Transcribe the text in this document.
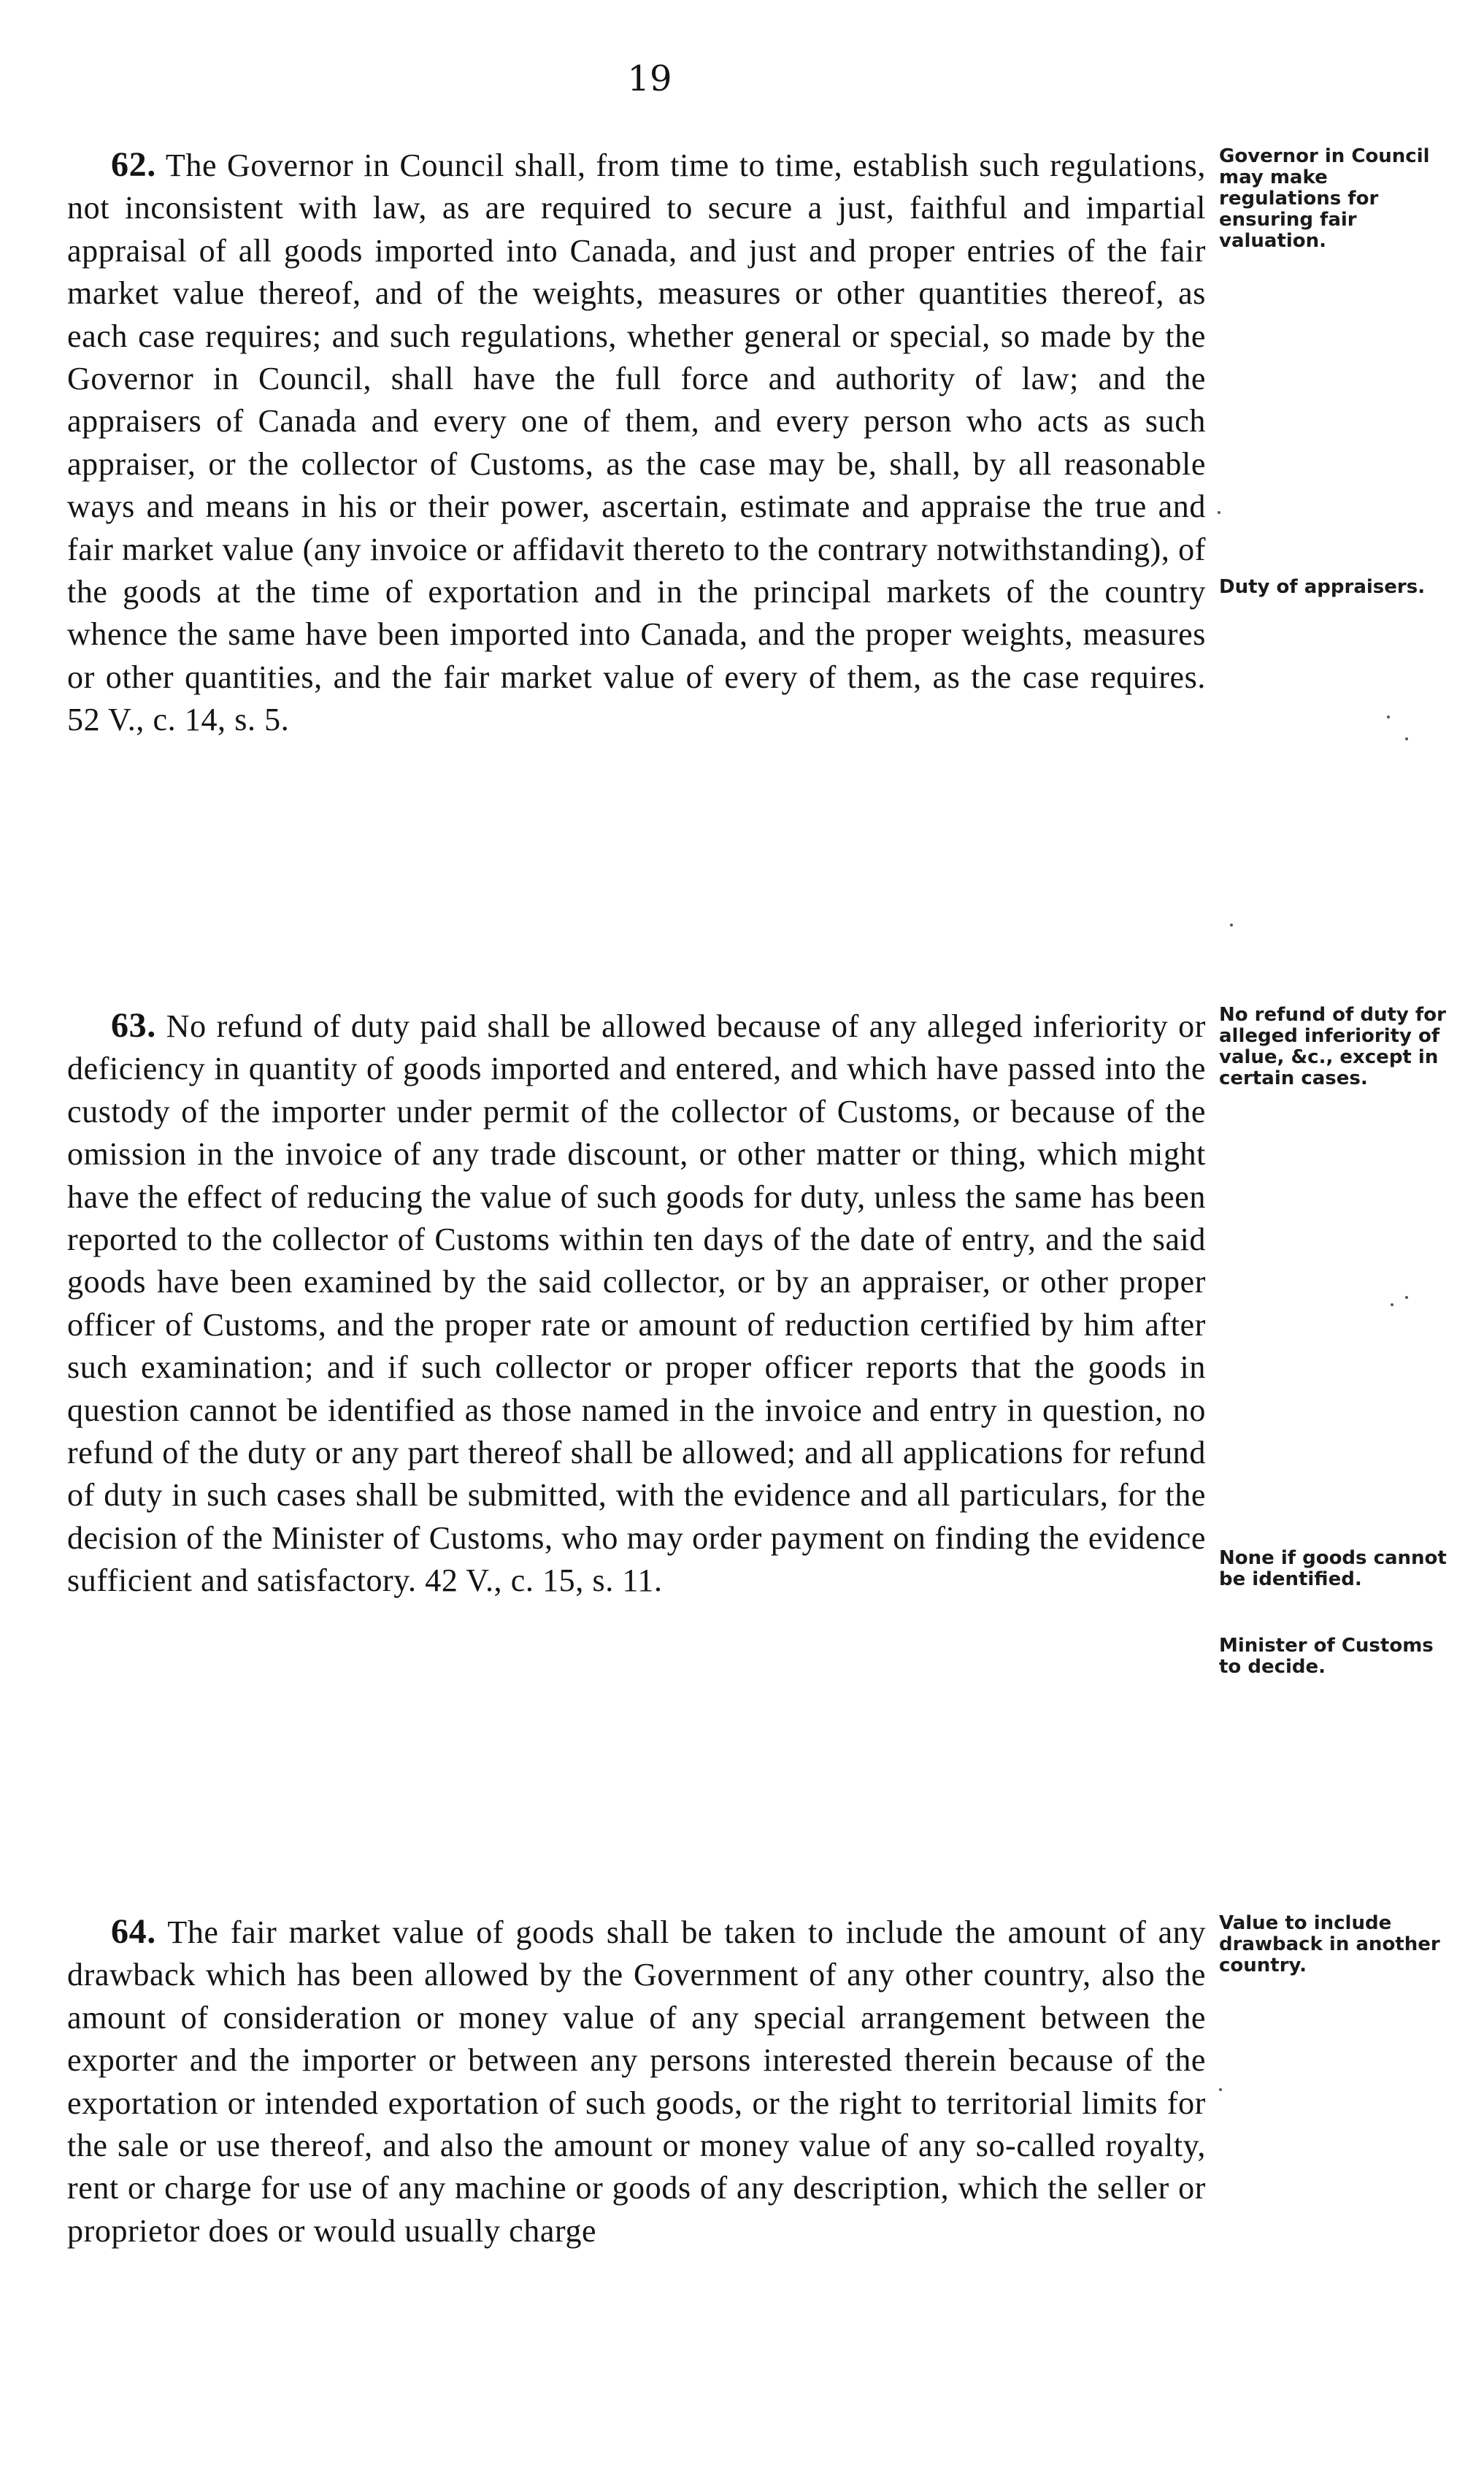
19
62. The Governor in Council shall, from time to time, establish such regulations, not inconsistent with law, as are required to secure a just, faithful and impartial appraisal of all goods imported into Canada, and just and proper entries of the fair market value thereof, and of the weights, measures or other quantities thereof, as each case requires; and such regulations, whether general or special, so made by the Governor in Council, shall have the full force and authority of law; and the appraisers of Canada and every one of them, and every person who acts as such appraiser, or the collector of Customs, as the case may be, shall, by all reasonable ways and means in his or their power, ascertain, estimate and appraise the true and fair market value (any invoice or affidavit thereto to the contrary notwithstanding), of the goods at the time of exportation and in the principal markets of the country whence the same have been imported into Canada, and the proper weights, measures or other quantities, and the fair market value of every of them, as the case requires. 52 V., c. 14, s. 5.
63. No refund of duty paid shall be allowed because of any alleged inferiority or deficiency in quantity of goods imported and entered, and which have passed into the custody of the importer under permit of the collector of Customs, or because of the omission in the invoice of any trade discount, or other matter or thing, which might have the effect of reducing the value of such goods for duty, unless the same has been reported to the collector of Customs within ten days of the date of entry, and the said goods have been examined by the said collector, or by an appraiser, or other proper officer of Customs, and the proper rate or amount of reduction certified by him after such examination; and if such collector or proper officer reports that the goods in question cannot be identified as those named in the invoice and entry in question, no refund of the duty or any part thereof shall be allowed; and all applications for refund of duty in such cases shall be submitted, with the evidence and all particulars, for the decision of the Minister of Customs, who may order payment on finding the evidence sufficient and satisfactory. 42 V., c. 15, s. 11.
64. The fair market value of goods shall be taken to include the amount of any drawback which has been allowed by the Government of any other country, also the amount of consideration or money value of any special arrangement between the exporter and the importer or between any persons interested therein because of the exportation or intended exportation of such goods, or the right to territorial limits for the sale or use thereof, and also the amount or money value of any so-called royalty, rent or charge for use of any machine or goods of any description, which the seller or proprietor does or would usually charge
Governor in Council may make regulations for ensuring fair valuation.
Duty of appraisers.
No refund of duty for alleged inferiority of value, &c., except in certain cases.
None if goods cannot be identified.
Minister of Customs to decide.
Value to include drawback in another country.
